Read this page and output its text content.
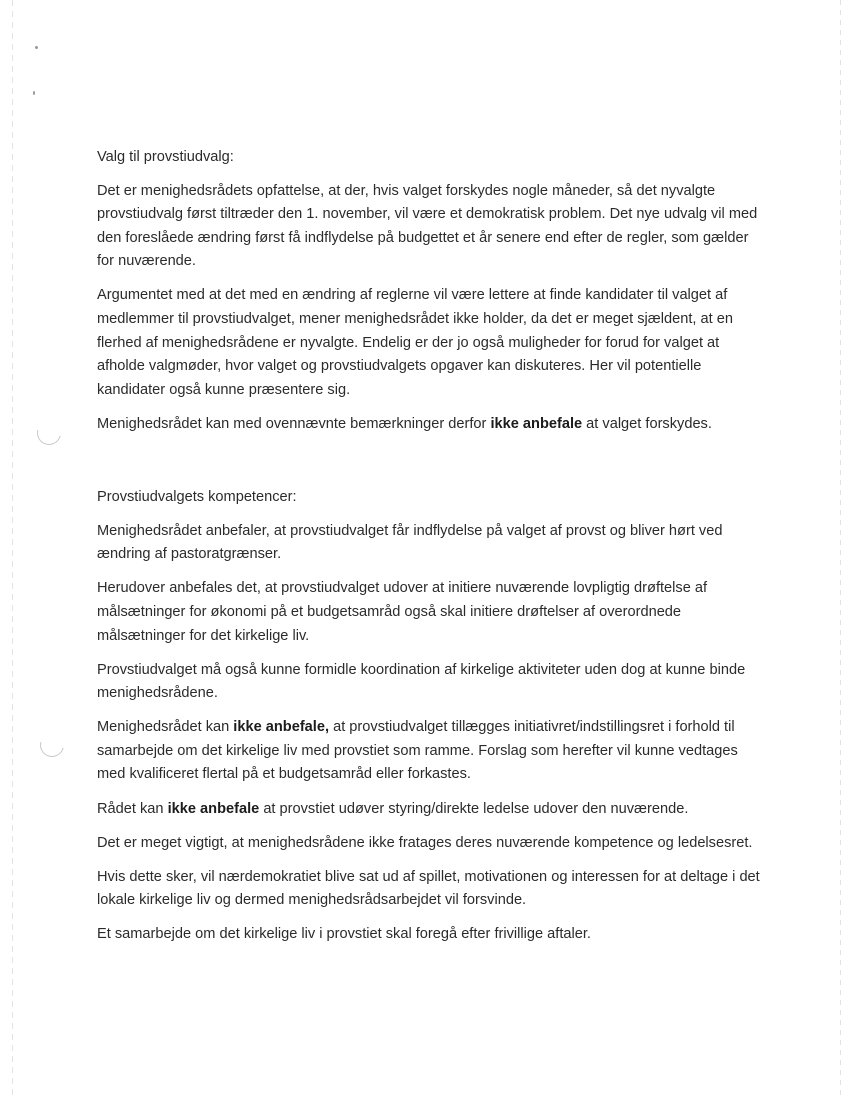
Valg til provstiudvalg:

Det er menighedsrådets opfattelse, at der, hvis valget forskydes nogle måneder, så det nyvalgte provstiudvalg først tiltræder den 1. november, vil være et demokratisk problem. Det nye udvalg vil med den foreslåede ændring først få indflydelse på budgettet et år senere end efter de regler, som gælder for nuværende.

Argumentet med at det med en ændring af reglerne vil være lettere at finde kandidater til valget af medlemmer til provstiudvalget, mener menighedsrådet ikke holder, da det er meget sjældent, at en flerhed af menighedsrådene er nyvalgte. Endelig er der jo også muligheder for forud for valget at afholde valgmøder, hvor valget og provstiudvalgets opgaver kan diskuteres. Her vil potentielle kandidater også kunne præsentere sig.

Menighedsrådet kan med ovennævnte bemærkninger derfor ikke anbefale at valget forskydes.

Provstiudvalgets kompetencer:

Menighedsrådet anbefaler, at provstiudvalget får indflydelse på valget af provst og bliver hørt ved ændring af pastoratgrænser.

Herudover anbefales det, at provstiudvalget udover at initiere nuværende lovpligtig drøftelse af målsætninger for økonomi på et budgetsamråd også skal initiere drøftelser af overordnede målsætninger for det kirkelige liv.

Provstiudvalget må også kunne formidle koordination af kirkelige aktiviteter uden dog at kunne binde menighedsrådene.

Menighedsrådet kan ikke anbefale, at provstiudvalget tillægges initiativret/indstillingsret i forhold til samarbejde om det kirkelige liv med provstiet som ramme. Forslag som herefter vil kunne vedtages med kvalificeret flertal på et budgetsamråd eller forkastes.

Rådet kan ikke anbefale at provstiet udøver styring/direkte ledelse udover den nuværende.

Det er meget vigtigt, at menighedsrådene ikke fratages deres nuværende kompetence og ledelsesret.

Hvis dette sker, vil nærdemokratiet blive sat ud af spillet, motivationen og interessen for at deltage i det lokale kirkelige liv og dermed menighedsrådsarbejdet vil forsvinde.

Et samarbejde om det kirkelige liv i provstiet skal foregå efter frivillige aftaler.
